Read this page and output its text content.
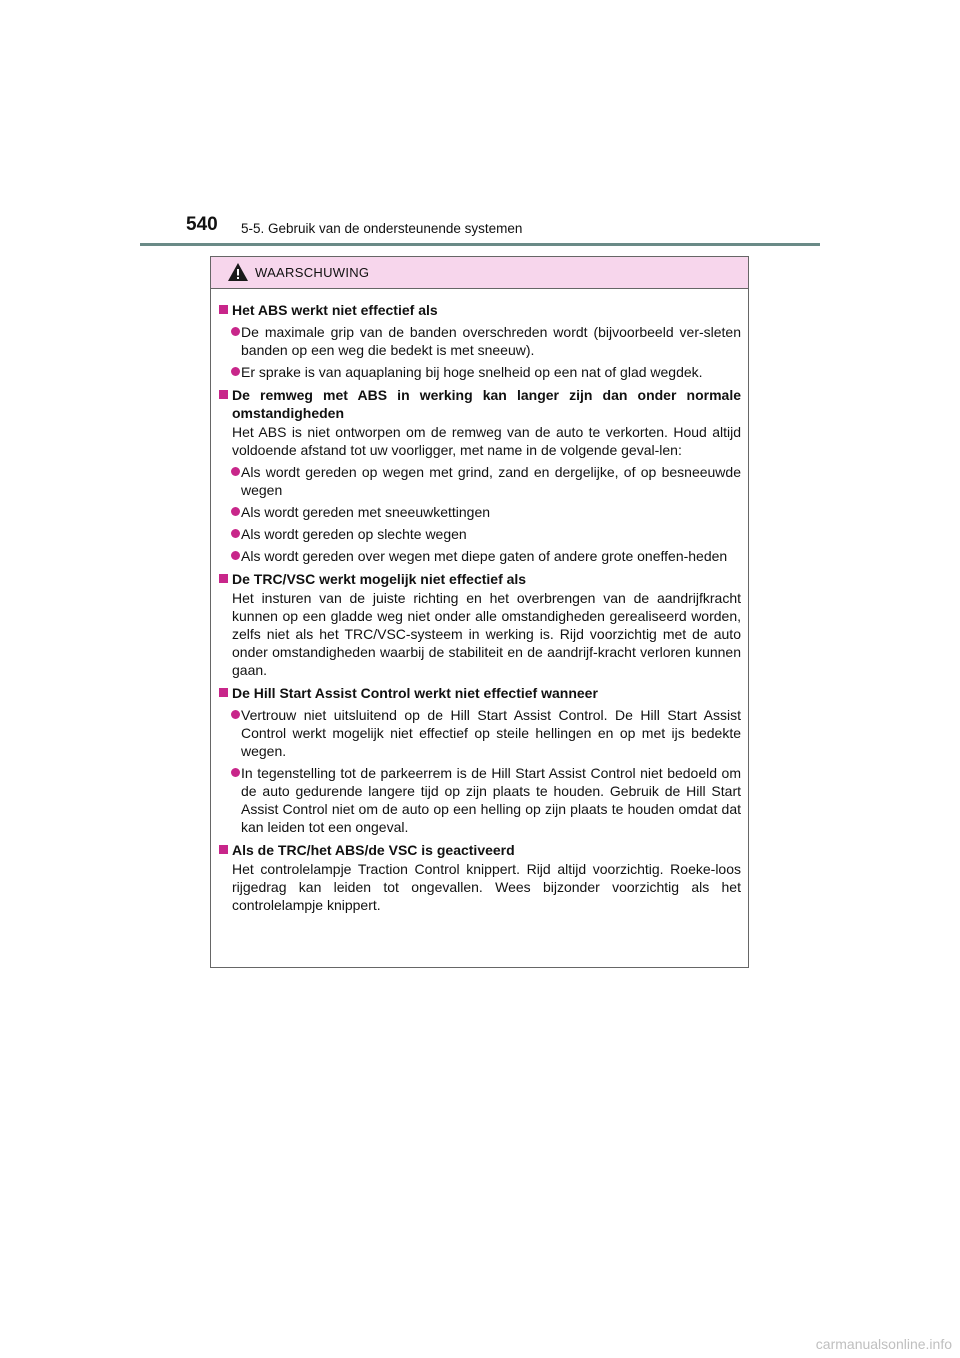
540 5-5. Gebruik van de ondersteunende systemen
WAARSCHUWING
Het ABS werkt niet effectief als
De maximale grip van de banden overschreden wordt (bijvoorbeeld ver-sleten banden op een weg die bedekt is met sneeuw).
Er sprake is van aquaplaning bij hoge snelheid op een nat of glad wegdek.
De remweg met ABS in werking kan langer zijn dan onder normale omstandigheden
Het ABS is niet ontworpen om de remweg van de auto te verkorten. Houd altijd voldoende afstand tot uw voorligger, met name in de volgende geval-len:
Als wordt gereden op wegen met grind, zand en dergelijke, of op besneeuwde wegen
Als wordt gereden met sneeuwkettingen
Als wordt gereden op slechte wegen
Als wordt gereden over wegen met diepe gaten of andere grote oneffen-heden
De TRC/VSC werkt mogelijk niet effectief als
Het insturen van de juiste richting en het overbrengen van de aandrijfkracht kunnen op een gladde weg niet onder alle omstandigheden gerealiseerd worden, zelfs niet als het TRC/VSC-systeem in werking is. Rijd voorzichtig met de auto onder omstandigheden waarbij de stabiliteit en de aandrijf-kracht verloren kunnen gaan.
De Hill Start Assist Control werkt niet effectief wanneer
Vertrouw niet uitsluitend op de Hill Start Assist Control. De Hill Start Assist Control werkt mogelijk niet effectief op steile hellingen en op met ijs bedekte wegen.
In tegenstelling tot de parkeerrem is de Hill Start Assist Control niet bedoeld om de auto gedurende langere tijd op zijn plaats te houden. Gebruik de Hill Start Assist Control niet om de auto op een helling op zijn plaats te houden omdat dat kan leiden tot een ongeval.
Als de TRC/het ABS/de VSC is geactiveerd
Het controlelampje Traction Control knippert. Rijd altijd voorzichtig. Roeke-loos rijgedrag kan leiden tot ongevallen. Wees bijzonder voorzichtig als het controlelampje knippert.
carmanualsonline.info
